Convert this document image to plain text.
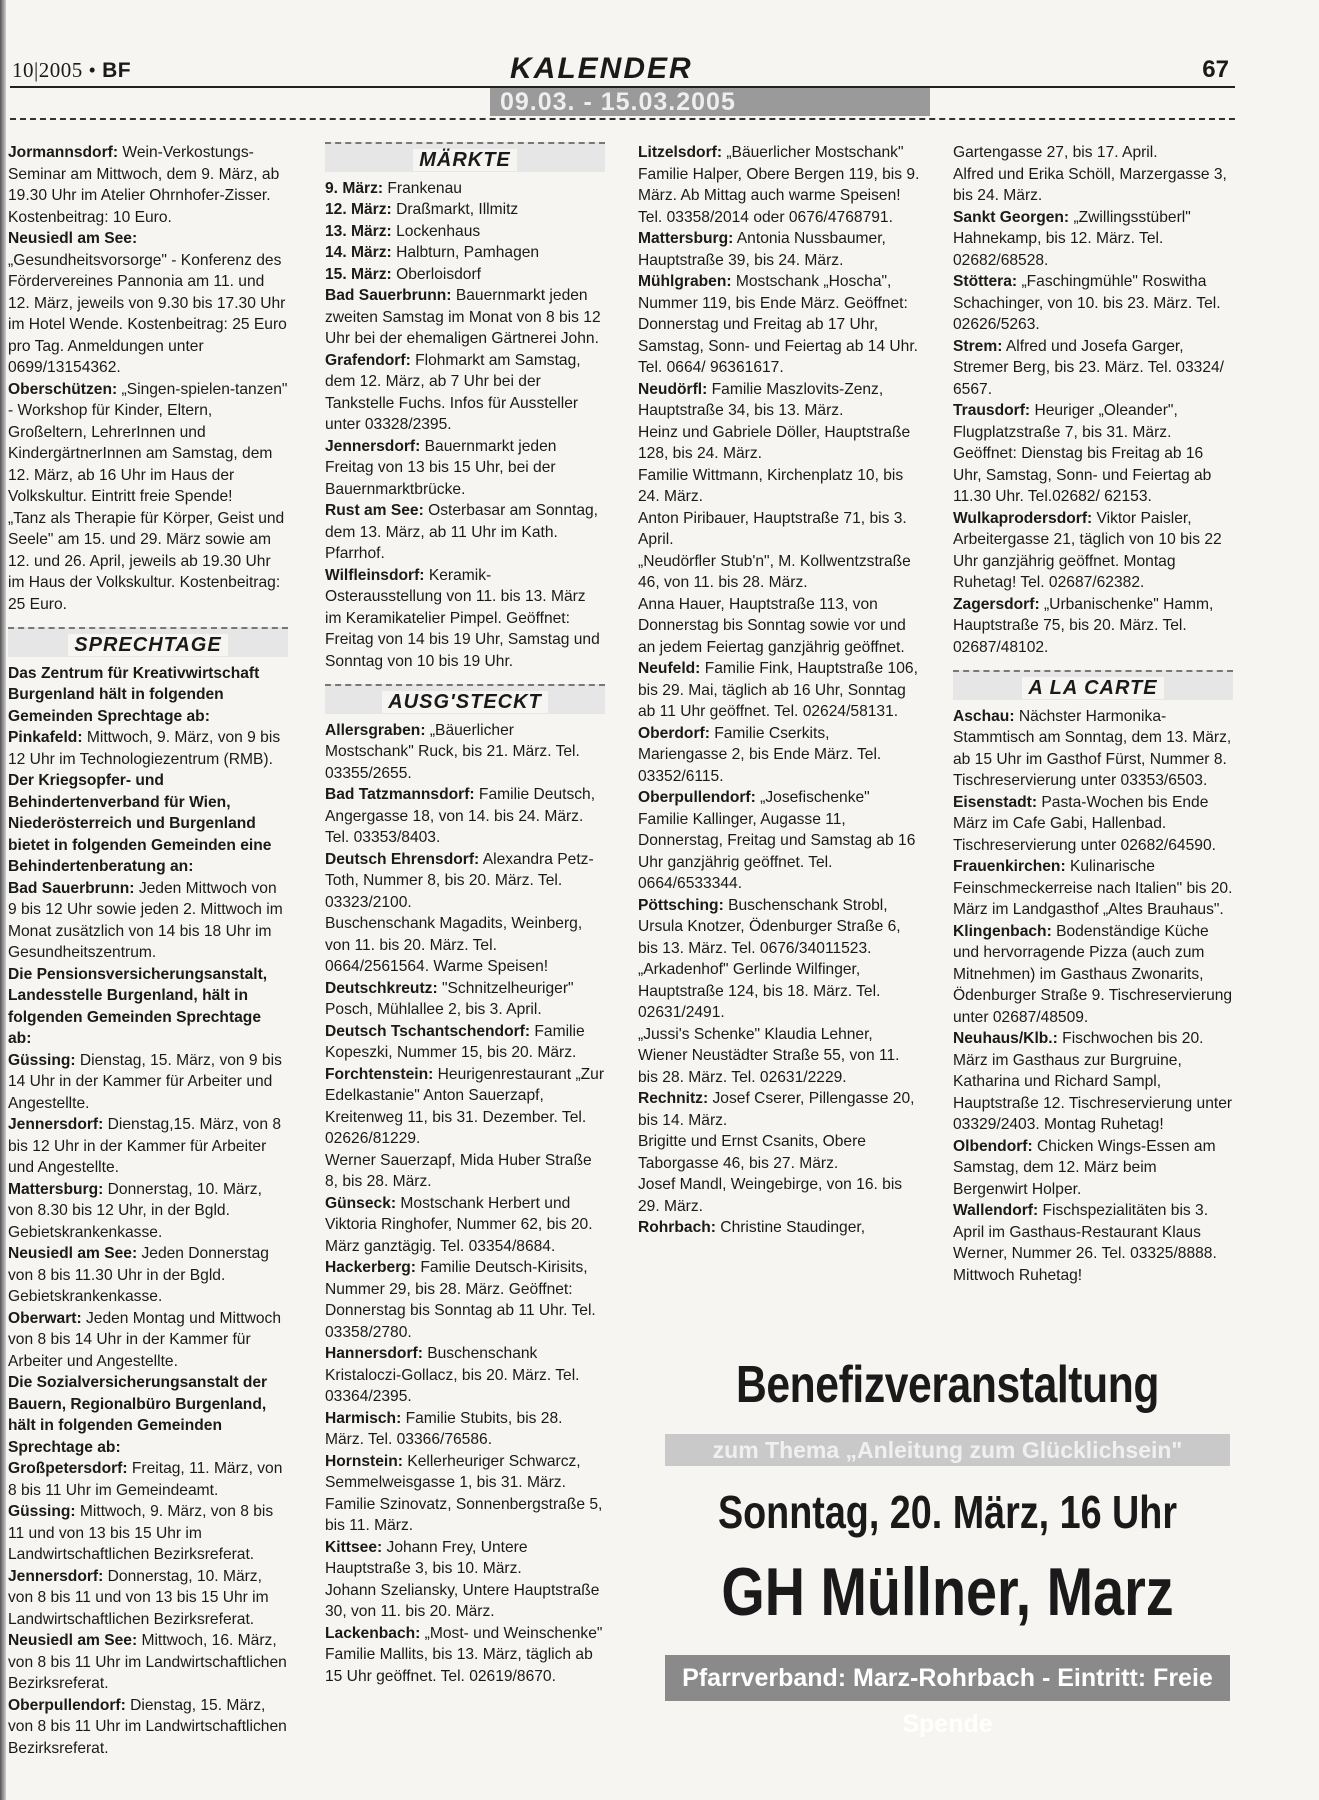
10|2005 • BF	KALENDER	67
09.03. - 15.03.2005

Jormannsdorf: Wein-Verkostungs-Seminar am Mittwoch, dem 9. März, ab 19.30 Uhr im Atelier Ohrnhofer-Zisser. Kostenbeitrag: 10 Euro.

Neusiedl am See: „Gesundheitsvorsorge" - Konferenz des Fördervereines Pannonia am 11. und 12. März, jeweils von 9.30 bis 17.30 Uhr im Hotel Wende. Kostenbeitrag: 25 Euro pro Tag. Anmeldungen unter 0699/13154362.

Oberschützen: „Singen-spielen-tanzen" - Workshop für Kinder, Eltern, Großeltern, LehrerInnen und KindergärtnerInnen am Samstag, dem 12. März, ab 16 Uhr im Haus der Volkskultur. Eintritt freie Spende!

„Tanz als Therapie für Körper, Geist und Seele" am 15. und 29. März sowie am 12. und 26. April, jeweils ab 19.30 Uhr im Haus der Volkskultur. Kostenbeitrag: 25 Euro.

SPRECHTAGE

Das Zentrum für Kreativwirtschaft Burgenland hält in folgenden Gemeinden Sprechtage ab:

Pinkafeld: Mittwoch, 9. März, von 9 bis 12 Uhr im Technologiezentrum (RMB).

Der Kriegsopfer- und Behindertenverband für Wien, Niederösterreich und Burgenland bietet in folgenden Gemeinden eine Behindertenberatung an:

Bad Sauerbrunn: Jeden Mittwoch von 9 bis 12 Uhr sowie jeden 2. Mittwoch im Monat zusätzlich von 14 bis 18 Uhr im Gesundheitszentrum.

Die Pensionsversicherungsanstalt, Landesstelle Burgenland, hält in folgenden Gemeinden Sprechtage ab:

Güssing: Dienstag, 15. März, von 9 bis 14 Uhr in der Kammer für Arbeiter und Angestellte.

Jennersdorf: Dienstag,15. März, von 8 bis 12 Uhr in der Kammer für Arbeiter und Angestellte.

Mattersburg: Donnerstag, 10. März, von 8.30 bis 12 Uhr, in der Bgld. Gebietskrankenkasse.

Neusiedl am See: Jeden Donnerstag von 8 bis 11.30 Uhr in der Bgld. Gebietskrankenkasse.

Oberwart: Jeden Montag und Mittwoch von 8 bis 14 Uhr in der Kammer für Arbeiter und Angestellte.

Die Sozialversicherungsanstalt der Bauern, Regionalbüro Burgenland, hält in folgenden Gemeinden Sprechtage ab:

Großpetersdorf: Freitag, 11. März, von 8 bis 11 Uhr im Gemeindeamt.

Güssing: Mittwoch, 9. März, von 8 bis 11 und von 13 bis 15 Uhr im Landwirtschaftlichen Bezirksreferat.

Jennersdorf: Donnerstag, 10. März, von 8 bis 11 und von 13 bis 15 Uhr im Landwirtschaftlichen Bezirksreferat.

Neusiedl am See: Mittwoch, 16. März, von 8 bis 11 Uhr im Landwirtschaftlichen Bezirksreferat.

Oberpullendorf: Dienstag, 15. März, von 8 bis 11 Uhr im Landwirtschaftlichen Bezirksreferat.

MÄRKTE

9. März: Frankenau

12. März: Draßmarkt, Illmitz

13. März: Lockenhaus

14. März: Halbturn, Pamhagen

15. März: Oberloisdorf

Bad Sauerbrunn: Bauernmarkt jeden zweiten Samstag im Monat von 8 bis 12 Uhr bei der ehemaligen Gärtnerei John.

Grafendorf: Flohmarkt am Samstag, dem 12. März, ab 7 Uhr bei der Tankstelle Fuchs. Infos für Aussteller unter 03328/2395.

Jennersdorf: Bauernmarkt jeden Freitag von 13 bis 15 Uhr, bei der Bauernmarktbrücke.

Rust am See: Osterbasar am Sonntag, dem 13. März, ab 11 Uhr im Kath. Pfarrhof.

Wilfleinsdorf: Keramik-Osterausstellung von 11. bis 13. März im Keramikatelier Pimpel. Geöffnet: Freitag von 14 bis 19 Uhr, Samstag und Sonntag von 10 bis 19 Uhr.

AUSG'STECKT

Allersgraben: „Bäuerlicher Mostschank" Ruck, bis 21. März. Tel. 03355/2655.

Bad Tatzmannsdorf: Familie Deutsch, Angergasse 18, von 14. bis 24. März. Tel. 03353/8403.

Deutsch Ehrensdorf: Alexandra Petz-Toth, Nummer 8, bis 20. März. Tel. 03323/2100.

Buschenschank Magadits, Weinberg, von 11. bis 20. März. Tel. 0664/2561564. Warme Speisen!

Deutschkreutz: "Schnitzelheuriger" Posch, Mühlallee 2, bis 3. April.

Deutsch Tschantschendorf: Familie Kopeszki, Nummer 15, bis 20. März.

Forchtenstein: Heurigenrestaurant „Zur Edelkastanie" Anton Sauerzapf, Kreitenweg 11, bis 31. Dezember. Tel. 02626/81229.

Werner Sauerzapf, Mida Huber Straße 8, bis 28. März.

Günseck: Mostschank Herbert und Viktoria Ringhofer, Nummer 62, bis 20. März ganztägig. Tel. 03354/8684.

Hackerberg: Familie Deutsch-Kirisits, Nummer 29, bis 28. März. Geöffnet: Donnerstag bis Sonntag ab 11 Uhr. Tel. 03358/2780.

Hannersdorf: Buschenschank Kristaloczi-Gollacz, bis 20. März. Tel. 03364/2395.

Harmisch: Familie Stubits, bis 28. März. Tel. 03366/76586.

Hornstein: Kellerheuriger Schwarcz, Semmelweisgasse 1, bis 31. März.

Familie Szinovatz, Sonnenbergstraße 5, bis 11. März.

Kittsee: Johann Frey, Untere Hauptstraße 3, bis 10. März.

Johann Szeliansky, Untere Hauptstraße 30, von 11. bis 20. März.

Lackenbach: „Most- und Weinschenke" Familie Mallits, bis 13. März, täglich ab 15 Uhr geöffnet. Tel. 02619/8670.

Litzelsdorf: „Bäuerlicher Mostschank" Familie Halper, Obere Bergen 119, bis 9. März. Ab Mittag auch warme Speisen! Tel. 03358/2014 oder 0676/4768791.

Mattersburg: Antonia Nussbaumer, Hauptstraße 39, bis 24. März.

Mühlgraben: Mostschank „Hoscha", Nummer 119, bis Ende März. Geöffnet: Donnerstag und Freitag ab 17 Uhr, Samstag, Sonn- und Feiertag ab 14 Uhr. Tel. 0664/ 96361617.

Neudörfl: Familie Maszlovits-Zenz, Hauptstraße 34, bis 13. März.

Heinz und Gabriele Döller, Hauptstraße 128, bis 24. März.

Familie Wittmann, Kirchenplatz 10, bis 24. März.

Anton Piribauer, Hauptstraße 71, bis 3. April.

„Neudörfler Stub'n", M. Kollwentzstraße 46, von 11. bis 28. März.

Anna Hauer, Hauptstraße 113, von Donnerstag bis Sonntag sowie vor und an jedem Feiertag ganzjährig geöffnet.

Neufeld: Familie Fink, Hauptstraße 106, bis 29. Mai, täglich ab 16 Uhr, Sonntag ab 11 Uhr geöffnet. Tel. 02624/58131.

Oberdorf: Familie Cserkits, Mariengasse 2, bis Ende März. Tel. 03352/6115.

Oberpullendorf: „Josefischenke" Familie Kallinger, Augasse 11, Donnerstag, Freitag und Samstag ab 16 Uhr ganzjährig geöffnet. Tel. 0664/6533344.

Pöttsching: Buschenschank Strobl, Ursula Knotzer, Ödenburger Straße 6, bis 13. März. Tel. 0676/34011523.

„Arkadenhof" Gerlinde Wilfinger, Hauptstraße 124, bis 18. März. Tel. 02631/2491.

„Jussi's Schenke" Klaudia Lehner, Wiener Neustädter Straße 55, von 11. bis 28. März. Tel. 02631/2229.

Rechnitz: Josef Cserer, Pillengasse 20, bis 14. März.

Brigitte und Ernst Csanits, Obere Taborgasse 46, bis 27. März.

Josef Mandl, Weingebirge, von 16. bis 29. März.

Rohrbach: Christine Staudinger,

Gartengasse 27, bis 17. April.

Alfred und Erika Schöll, Marzergasse 3, bis 24. März.

Sankt Georgen: „Zwillingsstüberl" Hahnekamp, bis 12. März. Tel. 02682/68528.

Stöttera: „Faschingmühle" Roswitha Schachinger, von 10. bis 23. März. Tel. 02626/5263.

Strem: Alfred und Josefa Garger, Stremer Berg, bis 23. März. Tel. 03324/ 6567.

Trausdorf: Heuriger „Oleander", Flugplatzstraße 7, bis 31. März. Geöffnet: Dienstag bis Freitag ab 16 Uhr, Samstag, Sonn- und Feiertag ab 11.30 Uhr. Tel.02682/ 62153.

Wulkaprodersdorf: Viktor Paisler, Arbeitergasse 21, täglich von 10 bis 22 Uhr ganzjährig geöffnet. Montag Ruhetag! Tel. 02687/62382.

Zagersdorf: „Urbanischenke" Hamm, Hauptstraße 75, bis 20. März. Tel. 02687/48102.

A LA CARTE

Aschau: Nächster Harmonika-Stammtisch am Sonntag, dem 13. März, ab 15 Uhr im Gasthof Fürst, Nummer 8. Tischreservierung unter 03353/6503.

Eisenstadt: Pasta-Wochen bis Ende März im Cafe Gabi, Hallenbad. Tischreservierung unter 02682/64590.

Frauenkirchen: Kulinarische Feinschmeckerreise nach Italien" bis 20. März im Landgasthof „Altes Brauhaus".

Klingenbach: Bodenständige Küche und hervorragende Pizza (auch zum Mitnehmen) im Gasthaus Zwonarits, Ödenburger Straße 9. Tischreservierung unter 02687/48509.

Neuhaus/Klb.: Fischwochen bis 20. März im Gasthaus zur Burgruine, Katharina und Richard Sampl, Hauptstraße 12. Tischreservierung unter 03329/2403. Montag Ruhetag!

Olbendorf: Chicken Wings-Essen am Samstag, dem 12. März beim Bergenwirt Holper.

Wallendorf: Fischspezialitäten bis 3. April im Gasthaus-Restaurant Klaus Werner, Nummer 26. Tel. 03325/8888. Mittwoch Ruhetag!

Benefizveranstaltung
zum Thema „Anleitung zum Glücklichsein"
Sonntag, 20. März, 16 Uhr
GH Müllner, Marz
Pfarrverband: Marz-Rohrbach - Eintritt: Freie Spende
